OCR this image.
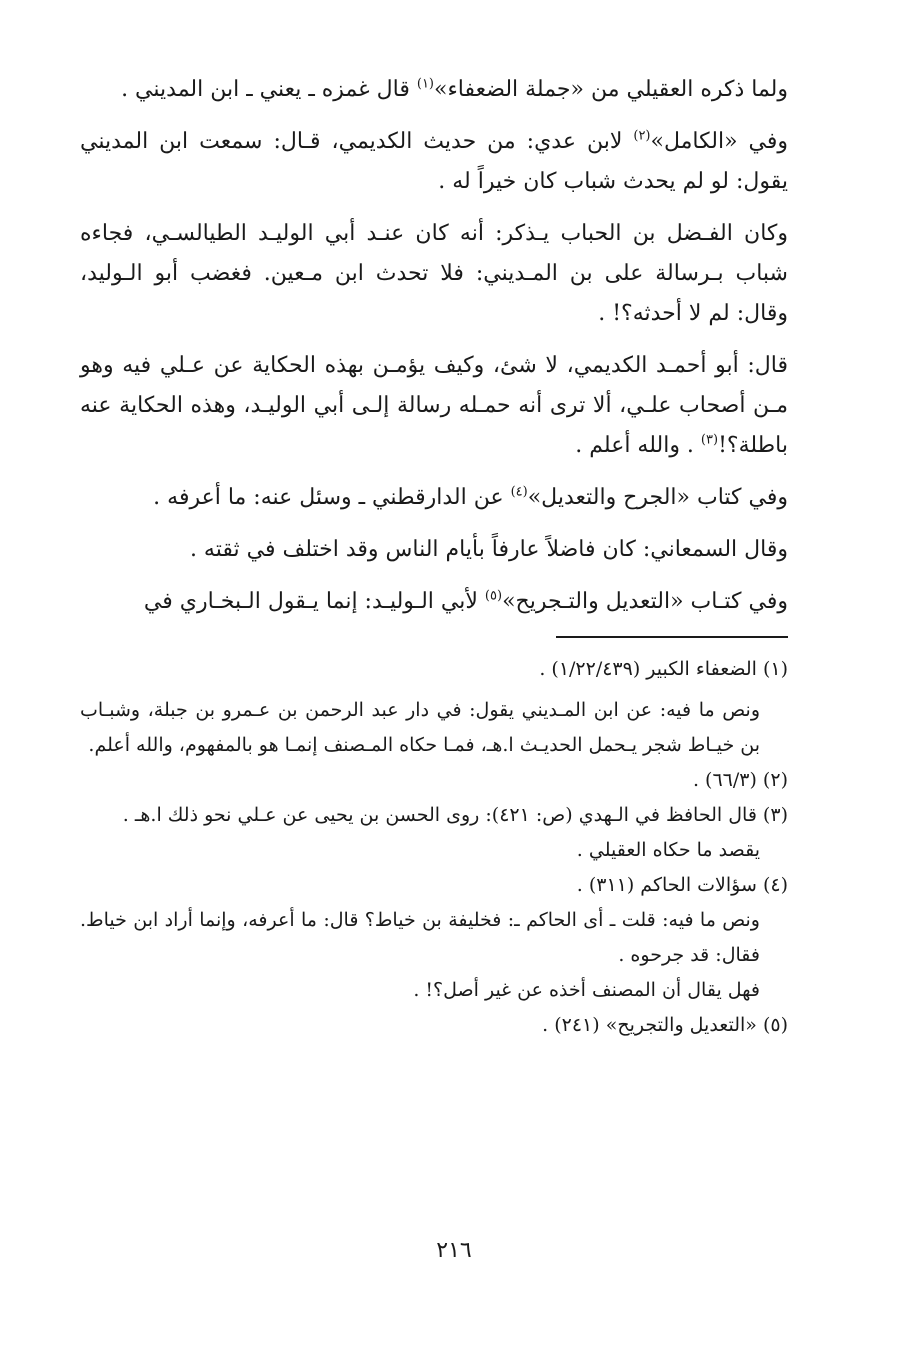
ولما ذكره العقيلي من «جملة الضعفاء»$^{(١)}$ قال غمزه ـ يعني ـ ابن المديني .

وفي «الكامل»$^{(٢)}$ لابن عدي: من حديث الكديمي، قـال: سمعت ابن المديني يقول: لو لم يحدث شباب كان خيراً له .

وكان الفـضل بن الحباب يـذكر: أنه كان عنـد أبي الوليـد الطيالسـي، فجاءه شباب بـرسالة على بن المـديني: فلا تحدث ابن مـعين. فغضب أبو الـوليد، وقال: لم لا أحدثه؟! .

قال: أبو أحمـد الكديمي، لا شئ، وكيف يؤمـن بهذه الحكاية عن عـلي فيه وهو مـن أصحاب علـي، ألا ترى أنه حمـله رسالة إلـى أبي الوليـد، وهذه الحكاية عنه باطلة؟!$^{(٣)}$ . والله أعلم .

وفي كتاب «الجرح والتعديل»$^{(٤)}$ عن الدارقطني ـ وسئل عنه: ما أعرفه .

وقال السمعاني: كان فاضلاً عارفاً بأيام الناس وقد اختلف في ثقته .

وفي كتـاب «التعديل والتـجريح»$^{(٥)}$ لأبي الـوليـد: إنما يـقول الـبخـاري في

(١) الضعفاء الكبير (١/٢٢/٤٣٩) .

ونص ما فيه: عن ابن المـديني يقول: في دار عبد الرحمن بن عـمرو بن جبلة، وشبـاب بن خيـاط شجر يـحمل الحديـث ا.هـ، فمـا حكاه المـصنف إنمـا هو بالمفهوم، والله أعلم.

(٢) (٦٦/٣) .

(٣) قال الحافظ في الـهدي (ص: ٤٢١): روى الحسن بن يحيى عن عـلي نحو ذلك ا.هـ .

يقصد ما حكاه العقيلي .

(٤) سؤالات الحاكم (٣١١) .

ونص ما فيه: قلت ـ أى الحاكم ـ: فخليفة بن خياط؟ قال: ما أعرفه، وإنما أراد ابن خياط. فقال: قد جرحوه .

فهل يقال أن المصنف أخذه عن غير أصل؟! .

(٥) «التعديل والتجريح» (٢٤١) .

٢١٦
